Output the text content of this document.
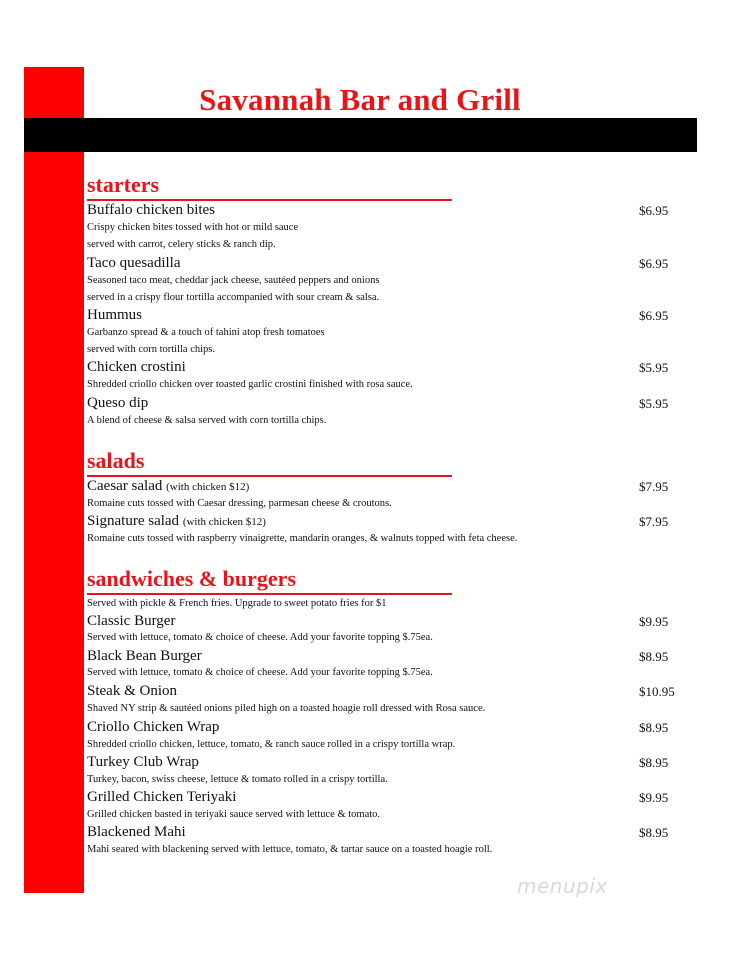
Savannah Bar and Grill
starters
Buffalo chicken bites	$6.95
Crispy chicken bites tossed with hot or mild sauce
served with carrot, celery sticks & ranch dip.
Taco quesadilla	$6.95
Seasoned taco meat, cheddar jack cheese, sautéed peppers and onions
served in a crispy flour tortilla accompanied with sour cream & salsa.
Hummus	$6.95
Garbanzo spread & a touch of tahini atop fresh tomatoes
served with corn tortilla chips.
Chicken crostini	$5.95
Shredded criollo chicken over toasted garlic crostini finished with rosa sauce.
Queso dip	$5.95
A blend of cheese & salsa served with corn tortilla chips.
salads
Caesar salad (with chicken $12)	$7.95
Romaine cuts tossed with Caesar dressing, parmesan cheese & croutons.
Signature salad (with chicken $12)	$7.95
Romaine cuts tossed with raspberry vinaigrette, mandarin oranges, & walnuts topped with feta cheese.
sandwiches & burgers
Served with pickle & French fries. Upgrade to sweet potato fries for $1
Classic Burger	$9.95
Served with lettuce, tomato & choice of cheese. Add your favorite topping $.75ea.
Black Bean Burger	$8.95
Served with lettuce, tomato & choice of cheese. Add your favorite topping $.75ea.
Steak & Onion	$10.95
Shaved NY strip & sautéed onions piled high on a toasted hoagie roll dressed with Rosa sauce.
Criollo Chicken Wrap	$8.95
Shredded criollo chicken, lettuce, tomato, & ranch sauce rolled in a crispy tortilla wrap.
Turkey Club Wrap	$8.95
Turkey, bacon, swiss cheese, lettuce & tomato rolled in a crispy tortilla.
Grilled Chicken Teriyaki	$9.95
Grilled chicken basted in teriyaki sauce served with lettuce & tomato.
Blackened Mahi	$8.95
Mahi seared with blackening served with lettuce, tomato, & tartar sauce on a toasted hoagie roll.
menupix
